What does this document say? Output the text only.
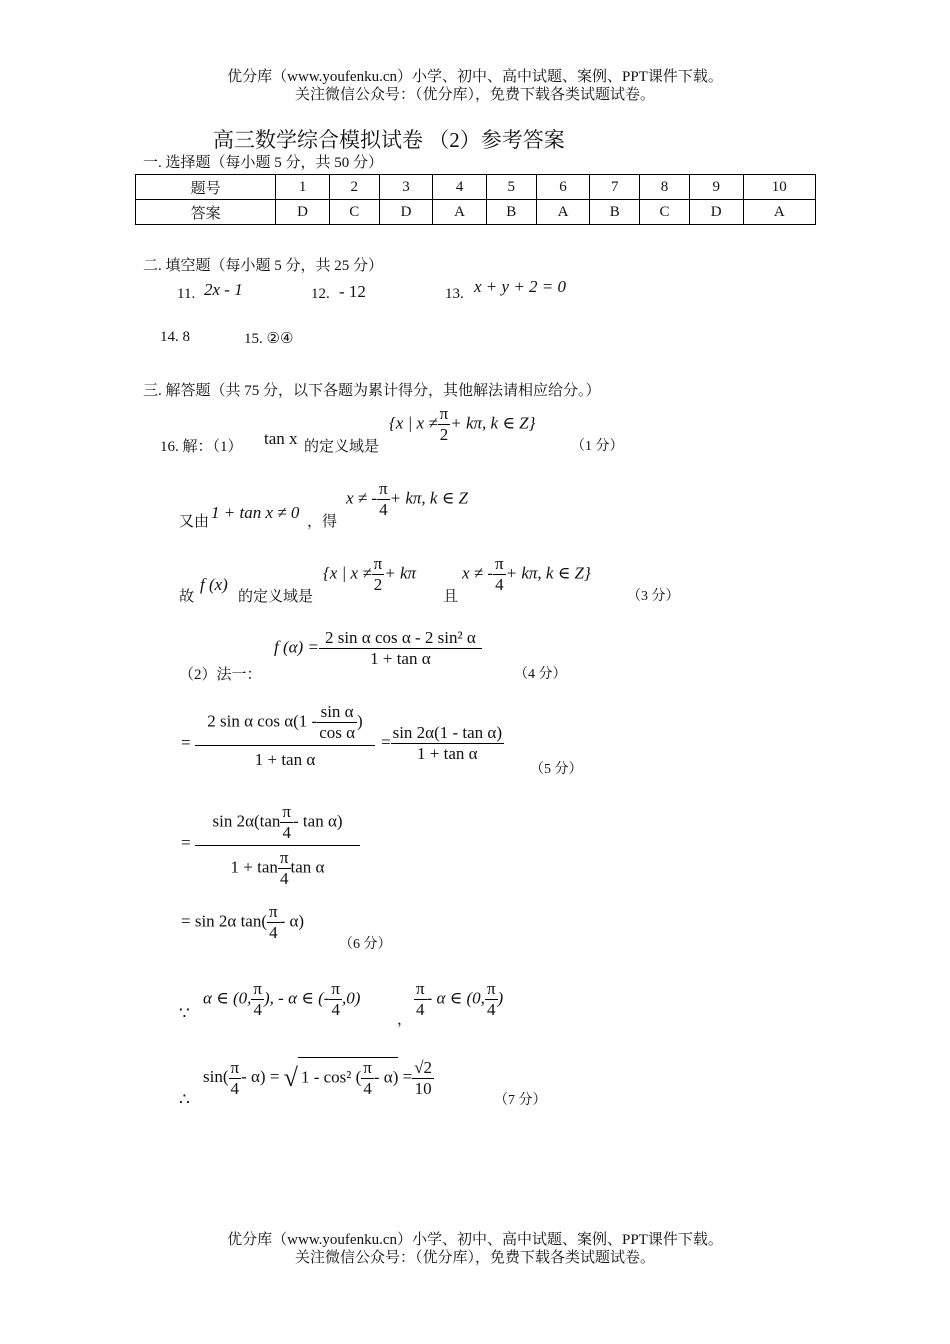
优分库（www.youfenku.cn）小学、初中、高中试题、案例、PPT课件下载。
关注微信公众号：（优分库），免费下载各类试题试卷。
高三数学综合模拟试卷 （2）参考答案
一. 选择题（每小题 5 分，共 50 分）
题号	1	2	3	4	5	6	7	8	9	10
答案	D	C	D	A	B	A	B	C	D	A
二. 填空题（每小题 5 分，共 25 分）
11. 2x - 1	12. - 12	13. x + y + 2 = 0
14. 8	15. ②④
三. 解答题（共 75 分，以下各题为累计得分，其他解法请相应给分。）
16. 解：（1） tan x 的定义域是
{x | $x \ne \frac{\pi}{2} + k\pi$, k ∈ Z}
（1 分）
又由 1 + tan x ≠ 0 ，得
x ≠ - $\frac{\pi}{4} + k\pi$, k ∈ Z
故
f (x)
的定义域是
{x | $x \ne \frac{\pi}{2} + k\pi$
且
x ≠ - $\frac{\pi}{4} + k\pi$, k ∈ Z}
（3 分）
（2）法一：
f $(\alpha) = \frac{\text{2 sin α cos α - 2 sin² α}}{\text{1 + tan α}}$
（4 分）
=
2 sin α $\cos \alpha(1 - \frac{\text{sin α}}{\text{cos α}}$ )
1 + tan α
= $\frac{\text{sin 2α(1 - tan α)}}{\text{1 + tan α}}$
（5 分）
=
$\sin 2\alpha(\tan \frac{\pi}{4}$ - tan α)
$1 + \tan \frac{\pi}{4}$ tan α
= sin 2α $\tan( \frac{\pi}{4} - \alpha)$
（6 分）
∵
α ∈ (0, $\frac{\pi}{4}$ ), - α ∈ (- $\frac{\pi}{4} ,0$)
， $\frac{\pi}{4}$ - α ∈ (0, $\frac{\pi}{4}$ )
∴
$\sin( \frac{\pi}{4} - \alpha)$ = √ 1 - cos² ( $\frac{\pi}{4} - \alpha) = \frac{√2}{10}$
（7 分）
优分库（www.youfenku.cn）小学、初中、高中试题、案例、PPT课件下载。
关注微信公众号：（优分库），免费下载各类试题试卷。
